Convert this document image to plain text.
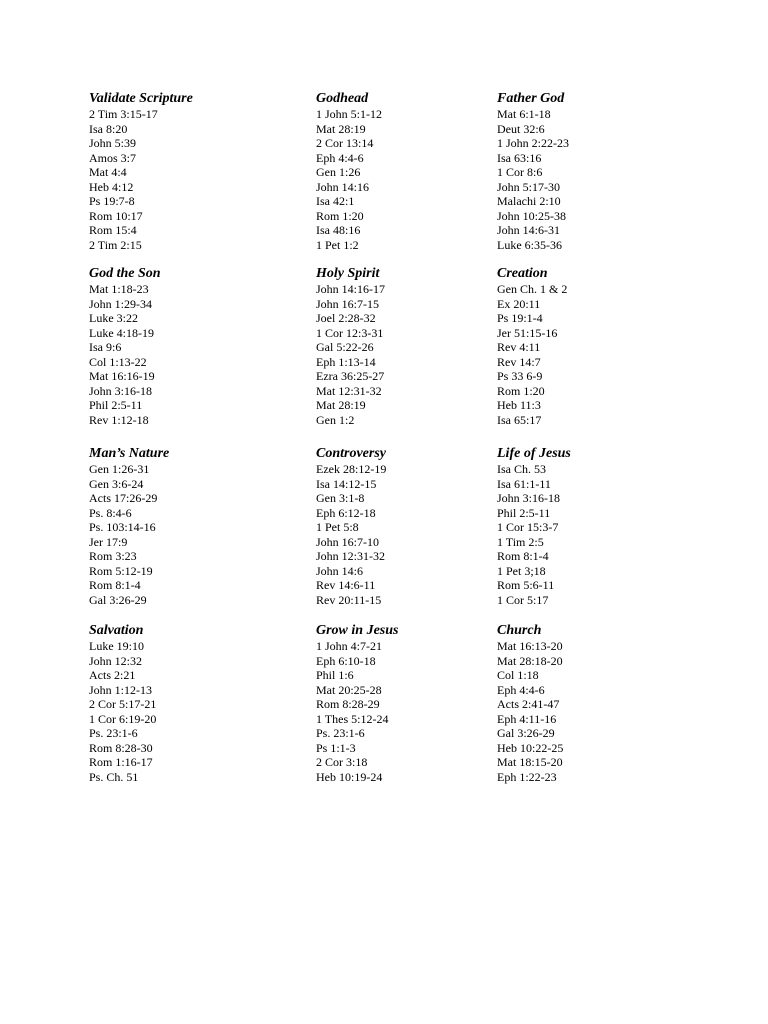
Validate Scripture
2 Tim 3:15-17
Isa 8:20
John 5:39
Amos 3:7
Mat 4:4
Heb 4:12
Ps 19:7-8
Rom 10:17
Rom 15:4
2 Tim 2:15
Godhead
1 John 5:1-12
Mat 28:19
2 Cor 13:14
Eph 4:4-6
Gen 1:26
John 14:16
Isa 42:1
Rom 1:20
Isa 48:16
1 Pet 1:2
Father God
Mat 6:1-18
Deut 32:6
1 John 2:22-23
Isa 63:16
1 Cor 8:6
John 5:17-30
Malachi 2:10
John 10:25-38
John 14:6-31
Luke 6:35-36
God the Son
Mat 1:18-23
John 1:29-34
Luke 3:22
Luke 4:18-19
Isa 9:6
Col 1:13-22
Mat 16:16-19
John 3:16-18
Phil 2:5-11
Rev 1:12-18
Holy Spirit
John 14:16-17
John 16:7-15
Joel 2:28-32
1 Cor 12:3-31
Gal 5:22-26
Eph 1:13-14
Ezra 36:25-27
Mat 12:31-32
Mat 28:19
Gen 1:2
Creation
Gen Ch. 1 & 2
Ex 20:11
Ps 19:1-4
Jer 51:15-16
Rev 4:11
Rev 14:7
Ps 33 6-9
Rom 1:20
Heb 11:3
Isa 65:17
Man’s Nature
Gen 1:26-31
Gen 3:6-24
Acts 17:26-29
Ps. 8:4-6
Ps. 103:14-16
Jer 17:9
Rom 3:23
Rom 5:12-19
Rom 8:1-4
Gal 3:26-29
Controversy
Ezek 28:12-19
Isa 14:12-15
Gen 3:1-8
Eph 6:12-18
1 Pet 5:8
John 16:7-10
John 12:31-32
John 14:6
Rev 14:6-11
Rev 20:11-15
Life of Jesus
Isa Ch. 53
Isa 61:1-11
John 3:16-18
Phil 2:5-11
1 Cor 15:3-7
1 Tim 2:5
Rom 8:1-4
1 Pet 3;18
Rom 5:6-11
1 Cor 5:17
Salvation
Luke 19:10
John 12:32
Acts 2:21
John 1:12-13
2 Cor 5:17-21
1 Cor 6:19-20
Ps. 23:1-6
Rom 8:28-30
Rom 1:16-17
Ps. Ch. 51
Grow in Jesus
1 John 4:7-21
Eph 6:10-18
Phil 1:6
Mat 20:25-28
Rom 8:28-29
1 Thes 5:12-24
Ps. 23:1-6
Ps 1:1-3
2 Cor 3:18
Heb 10:19-24
Church
Mat 16:13-20
Mat 28:18-20
Col 1:18
Eph 4:4-6
Acts 2:41-47
Eph 4:11-16
Gal 3:26-29
Heb 10:22-25
Mat 18:15-20
Eph 1:22-23
